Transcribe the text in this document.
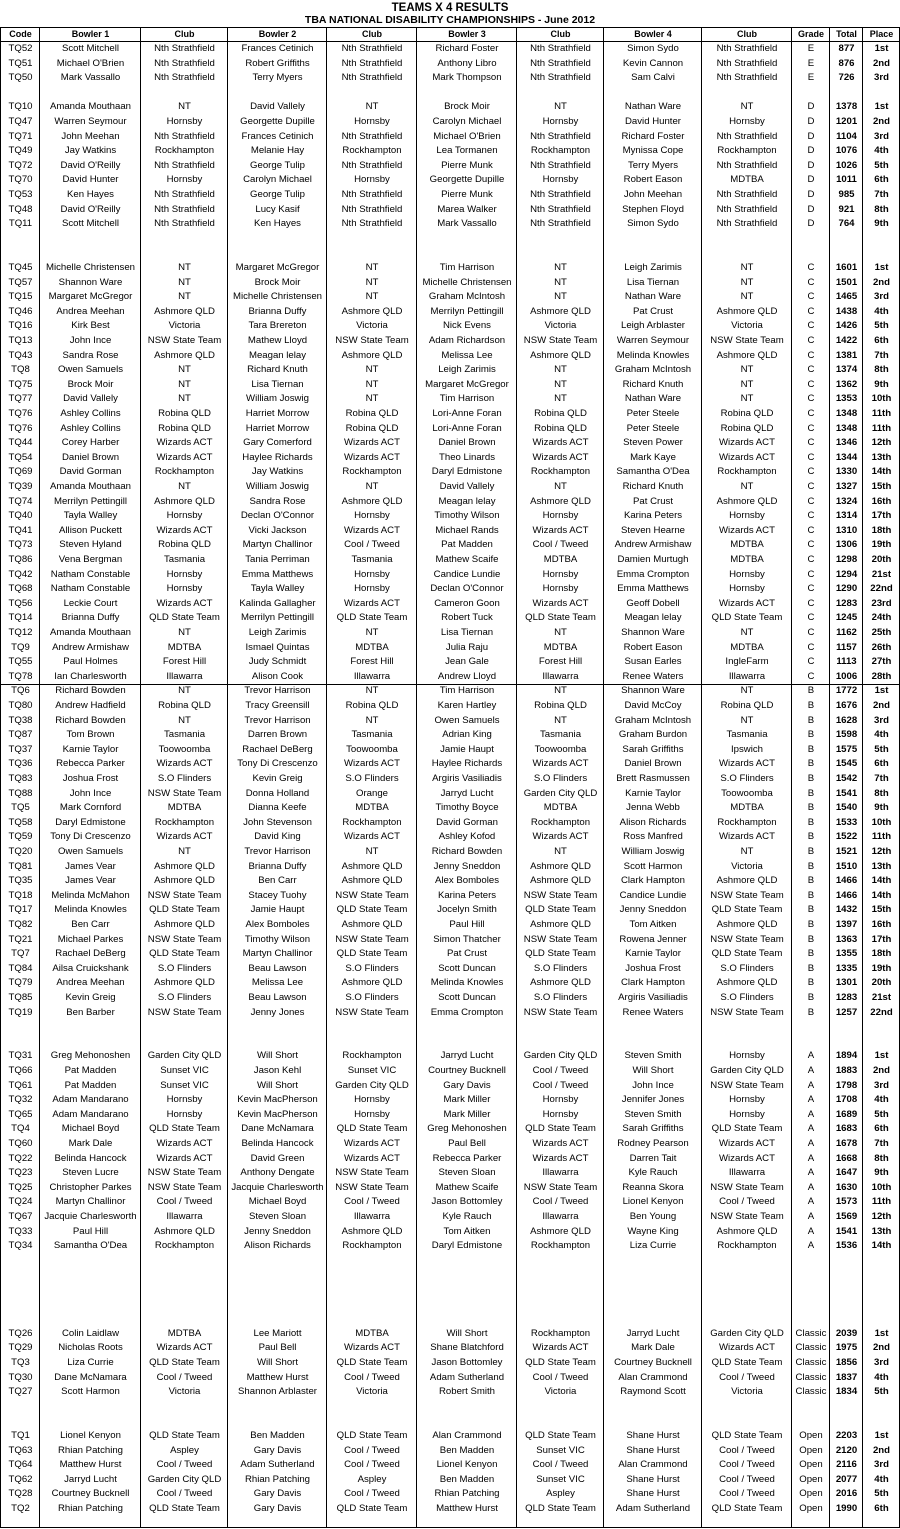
TEAMS X 4 RESULTS
TBA NATIONAL DISABILITY CHAMPIONSHIPS - June 2012
Code	Bowler 1	Club	Bowler 2	Club	Bowler 3	Club	Bowler 4	Club	Grade	Total	Place
TQ52	Scott Mitchell	Nth Strathfield	Frances Cetinich	Nth Strathfield	Richard Foster	Nth Strathfield	Simon Sydo	Nth Strathfield	E	877	1st
TQ51	Michael O'Brien	Nth Strathfield	Robert Griffiths	Nth Strathfield	Anthony Libro	Nth Strathfield	Kevin Cannon	Nth Strathfield	E	876	2nd
TQ50	Mark Vassallo	Nth Strathfield	Terry Myers	Nth Strathfield	Mark Thompson	Nth Strathfield	Sam Calvi	Nth Strathfield	E	726	3rd
TQ10	Amanda Mouthaan	NT	David Vallely	NT	Brock Moir	NT	Nathan Ware	NT	D	1378	1st
TQ47	Warren Seymour	Hornsby	Georgette Dupille	Hornsby	Carolyn Michael	Hornsby	David Hunter	Hornsby	D	1201	2nd
TQ71	John Meehan	Nth Strathfield	Frances Cetinich	Nth Strathfield	Michael O'Brien	Nth Strathfield	Richard Foster	Nth Strathfield	D	1104	3rd
TQ49	Jay Watkins	Rockhampton	Melanie Hay	Rockhampton	Lea Tormanen	Rockhampton	Mynissa Cope	Rockhampton	D	1076	4th
TQ72	David O'Reilly	Nth Strathfield	George Tulip	Nth Strathfield	Pierre Munk	Nth Strathfield	Terry Myers	Nth Strathfield	D	1026	5th
TQ70	David Hunter	Hornsby	Carolyn Michael	Hornsby	Georgette Dupille	Hornsby	Robert Eason	MDTBA	D	1011	6th
TQ53	Ken Hayes	Nth Strathfield	George Tulip	Nth Strathfield	Pierre Munk	Nth Strathfield	John Meehan	Nth Strathfield	D	985	7th
TQ48	David O'Reilly	Nth Strathfield	Lucy Kasif	Nth Strathfield	Marea Walker	Nth Strathfield	Stephen Floyd	Nth Strathfield	D	921	8th
TQ11	Scott Mitchell	Nth Strathfield	Ken Hayes	Nth Strathfield	Mark Vassallo	Nth Strathfield	Simon Sydo	Nth Strathfield	D	764	9th
TQ45	Michelle Christensen	NT	Margaret McGregor	NT	Tim Harrison	NT	Leigh Zarimis	NT	C	1601	1st
TQ57	Shannon Ware	NT	Brock Moir	NT	Michelle Christensen	NT	Lisa Tiernan	NT	C	1501	2nd
TQ15	Margaret McGregor	NT	Michelle Christensen	NT	Graham McIntosh	NT	Nathan Ware	NT	C	1465	3rd
TQ46	Andrea Meehan	Ashmore QLD	Brianna Duffy	Ashmore QLD	Merrilyn Pettingill	Ashmore QLD	Pat Crust	Ashmore QLD	C	1438	4th
TQ16	Kirk Best	Victoria	Tara Brereton	Victoria	Nick Evens	Victoria	Leigh Arblaster	Victoria	C	1426	5th
TQ13	John Ince	NSW State Team	Mathew Lloyd	NSW State Team	Adam Richardson	NSW State Team	Warren Seymour	NSW State Team	C	1422	6th
TQ43	Sandra Rose	Ashmore QLD	Meagan lelay	Ashmore QLD	Melissa Lee	Ashmore QLD	Melinda Knowles	Ashmore QLD	C	1381	7th
TQ8	Owen Samuels	NT	Richard Knuth	NT	Leigh Zarimis	NT	Graham McIntosh	NT	C	1374	8th
TQ75	Brock Moir	NT	Lisa Tiernan	NT	Margaret McGregor	NT	Richard Knuth	NT	C	1362	9th
TQ77	David Vallely	NT	William Joswig	NT	Tim Harrison	NT	Nathan Ware	NT	C	1353	10th
TQ76	Ashley Collins	Robina QLD	Harriet Morrow	Robina QLD	Lori-Anne Foran	Robina QLD	Peter Steele	Robina QLD	C	1348	11th
TQ76	Ashley Collins	Robina QLD	Harriet Morrow	Robina QLD	Lori-Anne Foran	Robina QLD	Peter Steele	Robina QLD	C	1348	11th
TQ44	Corey Harber	Wizards ACT	Gary Comerford	Wizards ACT	Daniel Brown	Wizards ACT	Steven Power	Wizards ACT	C	1346	12th
TQ54	Daniel Brown	Wizards ACT	Haylee Richards	Wizards ACT	Theo Linards	Wizards ACT	Mark Kaye	Wizards ACT	C	1344	13th
TQ69	David Gorman	Rockhampton	Jay Watkins	Rockhampton	Daryl Edmistone	Rockhampton	Samantha O'Dea	Rockhampton	C	1330	14th
TQ39	Amanda Mouthaan	NT	William Joswig	NT	David Vallely	NT	Richard Knuth	NT	C	1327	15th
TQ74	Merrilyn Pettingill	Ashmore QLD	Sandra Rose	Ashmore QLD	Meagan lelay	Ashmore QLD	Pat Crust	Ashmore QLD	C	1324	16th
TQ40	Tayla Walley	Hornsby	Declan O'Connor	Hornsby	Timothy Wilson	Hornsby	Karina Peters	Hornsby	C	1314	17th
TQ41	Allison Puckett	Wizards ACT	Vicki Jackson	Wizards ACT	Michael Rands	Wizards ACT	Steven Hearne	Wizards ACT	C	1310	18th
TQ73	Steven Hyland	Robina QLD	Martyn Challinor	Cool / Tweed	Pat Madden	Cool / Tweed	Andrew Armishaw	MDTBA	C	1306	19th
TQ86	Vena Bergman	Tasmania	Tania Perriman	Tasmania	Mathew Scaife	MDTBA	Damien Murtugh	MDTBA	C	1298	20th
TQ42	Natham Constable	Hornsby	Emma Matthews	Hornsby	Candice Lundie	Hornsby	Emma Crompton	Hornsby	C	1294	21st
TQ68	Natham Constable	Hornsby	Tayla Walley	Hornsby	Declan O'Connor	Hornsby	Emma Matthews	Hornsby	C	1290	22nd
TQ56	Leckie Court	Wizards ACT	Kalinda Gallagher	Wizards ACT	Cameron Goon	Wizards ACT	Geoff Dobell	Wizards ACT	C	1283	23rd
TQ14	Brianna Duffy	QLD State Team	Merrilyn Pettingill	QLD State Team	Robert Tuck	QLD State Team	Meagan lelay	QLD State Team	C	1245	24th
TQ12	Amanda Mouthaan	NT	Leigh Zarimis	NT	Lisa Tiernan	NT	Shannon Ware	NT	C	1162	25th
TQ9	Andrew Armishaw	MDTBA	Ismael Quintas	MDTBA	Julia Raju	MDTBA	Robert Eason	MDTBA	C	1157	26th
TQ55	Paul Holmes	Forest Hill	Judy Schmidt	Forest Hill	Jean Gale	Forest Hill	Susan Earles	IngleFarm	C	1113	27th
TQ78	Ian Charlesworth	Illawarra	Alison Cook	Illawarra	Andrew Lloyd	Illawarra	Renee Waters	Illawarra	C	1006	28th
TQ6	Richard Bowden	NT	Trevor Harrison	NT	Tim Harrison	NT	Shannon Ware	NT	B	1772	1st
TQ80	Andrew Hadfield	Robina QLD	Tracy Greensill	Robina QLD	Karen Hartley	Robina QLD	David McCoy	Robina QLD	B	1676	2nd
TQ38	Richard Bowden	NT	Trevor Harrison	NT	Owen Samuels	NT	Graham McIntosh	NT	B	1628	3rd
TQ87	Tom Brown	Tasmania	Darren Brown	Tasmania	Adrian King	Tasmania	Graham Burdon	Tasmania	B	1598	4th
TQ37	Karnie Taylor	Toowoomba	Rachael DeBerg	Toowoomba	Jamie Haupt	Toowoomba	Sarah Griffiths	Ipswich	B	1575	5th
TQ36	Rebecca Parker	Wizards ACT	Tony Di Crescenzo	Wizards ACT	Haylee Richards	Wizards ACT	Daniel Brown	Wizards ACT	B	1545	6th
TQ83	Joshua Frost	S.O Flinders	Kevin Greig	S.O Flinders	Argiris Vasiliadis	S.O Flinders	Brett Rasmussen	S.O Flinders	B	1542	7th
TQ88	John Ince	NSW State Team	Donna Holland	Orange	Jarryd Lucht	Garden City QLD	Karnie Taylor	Toowoomba	B	1541	8th
TQ5	Mark Cornford	MDTBA	Dianna Keefe	MDTBA	Timothy Boyce	MDTBA	Jenna Webb	MDTBA	B	1540	9th
TQ58	Daryl Edmistone	Rockhampton	John Stevenson	Rockhampton	David Gorman	Rockhampton	Alison Richards	Rockhampton	B	1533	10th
TQ59	Tony Di Crescenzo	Wizards ACT	David King	Wizards ACT	Ashley Kofod	Wizards ACT	Ross Manfred	Wizards ACT	B	1522	11th
TQ20	Owen Samuels	NT	Trevor Harrison	NT	Richard Bowden	NT	William Joswig	NT	B	1521	12th
TQ81	James Vear	Ashmore QLD	Brianna Duffy	Ashmore QLD	Jenny Sneddon	Ashmore QLD	Scott Harmon	Victoria	B	1510	13th
TQ35	James Vear	Ashmore QLD	Ben Carr	Ashmore QLD	Alex Bomboles	Ashmore QLD	Clark Hampton	Ashmore QLD	B	1466	14th
TQ18	Melinda McMahon	NSW State Team	Stacey Tuohy	NSW State Team	Karina Peters	NSW State Team	Candice Lundie	NSW State Team	B	1466	14th
TQ17	Melinda Knowles	QLD State Team	Jamie Haupt	QLD State Team	Jocelyn Smith	QLD State Team	Jenny Sneddon	QLD State Team	B	1432	15th
TQ82	Ben Carr	Ashmore QLD	Alex Bomboles	Ashmore QLD	Paul Hill	Ashmore QLD	Tom Aitken	Ashmore QLD	B	1397	16th
TQ21	Michael Parkes	NSW State Team	Timothy Wilson	NSW State Team	Simon Thatcher	NSW State Team	Rowena Jenner	NSW State Team	B	1363	17th
TQ7	Rachael DeBerg	QLD State Team	Martyn Challinor	QLD State Team	Pat Crust	QLD State Team	Karnie Taylor	QLD State Team	B	1355	18th
TQ84	Ailsa Cruickshank	S.O Flinders	Beau Lawson	S.O Flinders	Scott Duncan	S.O Flinders	Joshua Frost	S.O Flinders	B	1335	19th
TQ79	Andrea Meehan	Ashmore QLD	Melissa Lee	Ashmore QLD	Melinda Knowles	Ashmore QLD	Clark Hampton	Ashmore QLD	B	1301	20th
TQ85	Kevin Greig	S.O Flinders	Beau Lawson	S.O Flinders	Scott Duncan	S.O Flinders	Argiris Vasiliadis	S.O Flinders	B	1283	21st
TQ19	Ben Barber	NSW State Team	Jenny Jones	NSW State Team	Emma Crompton	NSW State Team	Renee Waters	NSW State Team	B	1257	22nd
TQ31	Greg Mehonoshen	Garden City QLD	Will Short	Rockhampton	Jarryd Lucht	Garden City QLD	Steven Smith	Hornsby	A	1894	1st
TQ66	Pat Madden	Sunset VIC	Jason Kehl	Sunset VIC	Courtney Bucknell	Cool / Tweed	Will Short	Garden City QLD	A	1883	2nd
TQ61	Pat Madden	Sunset VIC	Will Short	Garden City QLD	Gary Davis	Cool / Tweed	John Ince	NSW State Team	A	1798	3rd
TQ32	Adam Mandarano	Hornsby	Kevin MacPherson	Hornsby	Mark Miller	Hornsby	Jennifer Jones	Hornsby	A	1708	4th
TQ65	Adam Mandarano	Hornsby	Kevin MacPherson	Hornsby	Mark Miller	Hornsby	Steven Smith	Hornsby	A	1689	5th
TQ4	Michael Boyd	QLD State Team	Dane McNamara	QLD State Team	Greg Mehonoshen	QLD State Team	Sarah Griffiths	QLD State Team	A	1683	6th
TQ60	Mark Dale	Wizards ACT	Belinda Hancock	Wizards ACT	Paul Bell	Wizards ACT	Rodney Pearson	Wizards ACT	A	1678	7th
TQ22	Belinda Hancock	Wizards ACT	David Green	Wizards ACT	Rebecca Parker	Wizards ACT	Darren Tait	Wizards ACT	A	1668	8th
TQ23	Steven Lucre	NSW State Team	Anthony Dengate	NSW State Team	Steven Sloan	Illawarra	Kyle Rauch	Illawarra	A	1647	9th
TQ25	Christopher Parkes	NSW State Team	Jacquie Charlesworth	NSW State Team	Mathew Scaife	NSW State Team	Reanna Skora	NSW State Team	A	1630	10th
TQ24	Martyn Challinor	Cool / Tweed	Michael Boyd	Cool / Tweed	Jason Bottomley	Cool / Tweed	Lionel Kenyon	Cool / Tweed	A	1573	11th
TQ67	Jacquie Charlesworth	Illawarra	Steven Sloan	Illawarra	Kyle Rauch	Illawarra	Ben Young	NSW State Team	A	1569	12th
TQ33	Paul Hill	Ashmore QLD	Jenny Sneddon	Ashmore QLD	Tom Aitken	Ashmore QLD	Wayne King	Ashmore QLD	A	1541	13th
TQ34	Samantha O'Dea	Rockhampton	Alison Richards	Rockhampton	Daryl Edmistone	Rockhampton	Liza Currie	Rockhampton	A	1536	14th
TQ26	Colin Laidlaw	MDTBA	Lee Mariott	MDTBA	Will Short	Rockhampton	Jarryd Lucht	Garden City QLD	Classic 2039	1st
TQ29	Nicholas Roots	Wizards ACT	Paul Bell	Wizards ACT	Shane Blatchford	Wizards ACT	Mark Dale	Wizards ACT	Classic 1975	2nd
TQ3	Liza Currie	QLD State Team	Will Short	QLD State Team	Jason Bottomley	QLD State Team	Courtney Bucknell	QLD State Team	Classic 1856	3rd
TQ30	Dane McNamara	Cool / Tweed	Matthew Hurst	Cool / Tweed	Adam Sutherland	Cool / Tweed	Alan Crammond	Cool / Tweed	Classic 1837	4th
TQ27	Scott Harmon	Victoria	Shannon Arblaster	Victoria	Robert Smith	Victoria	Raymond Scott	Victoria	Classic 1834	5th
TQ1	Lionel Kenyon	QLD State Team	Ben Madden	QLD State Team	Alan Crammond	QLD State Team	Shane Hurst	QLD State Team	Open	2203	1st
TQ63	Rhian Patching	Aspley	Gary Davis	Cool / Tweed	Ben Madden	Sunset VIC	Shane Hurst	Cool / Tweed	Open	2120	2nd
TQ64	Matthew Hurst	Cool / Tweed	Adam Sutherland	Cool / Tweed	Lionel Kenyon	Cool / Tweed	Alan Crammond	Cool / Tweed	Open	2116	3rd
TQ62	Jarryd Lucht	Garden City QLD	Rhian Patching	Aspley	Ben Madden	Sunset VIC	Shane Hurst	Cool / Tweed	Open	2077	4th
TQ28	Courtney Bucknell	Cool / Tweed	Gary Davis	Cool / Tweed	Rhian Patching	Aspley	Shane Hurst	Cool / Tweed	Open	2016	5th
TQ2	Rhian Patching	QLD State Team	Gary Davis	QLD State Team	Matthew Hurst	QLD State Team	Adam Sutherland	QLD State Team	Open	1990	6th
